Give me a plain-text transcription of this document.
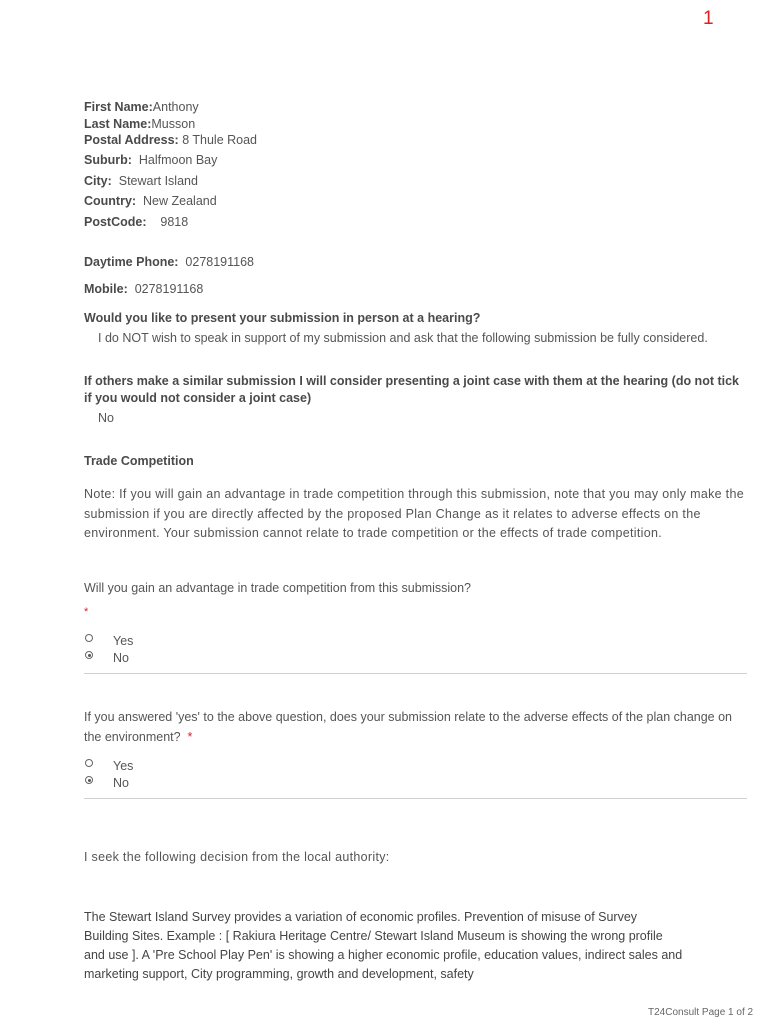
1
First Name:Anthony
Last Name:Musson
Postal Address: 8 Thule Road
Suburb: Halfmoon Bay
City: Stewart Island
Country: New Zealand
PostCode: 9818
Daytime Phone: 0278191168
Mobile: 0278191168
Would you like to present your submission in person at a hearing?
I do NOT wish to speak in support of my submission and ask that the following submission be fully considered.
If others make a similar submission I will consider presenting a joint case with them at the hearing (do not tick if you would not consider a joint case)
No
Trade Competition
Note: If you will gain an advantage in trade competition through this submission, note that you may only make the submission if you are directly affected by the proposed Plan Change as it relates to adverse effects on the environment. Your submission cannot relate to trade competition or the effects of trade competition.
Will you gain an advantage in trade competition from this submission?
*
Yes
No
If you answered 'yes' to the above question, does your submission relate to the adverse effects of the plan change on the environment? *
Yes
No
I seek the following decision from the local authority:
The Stewart Island Survey provides a variation of economic profiles. Prevention of misuse of Survey Building Sites. Example : [ Rakiura Heritage Centre/ Stewart Island Museum is showing the wrong profile and use ]. A 'Pre School Play Pen' is showing a higher economic profile, education values, indirect sales and marketing support, City programming, growth and development, safety
T24Consult Page 1 of 2
